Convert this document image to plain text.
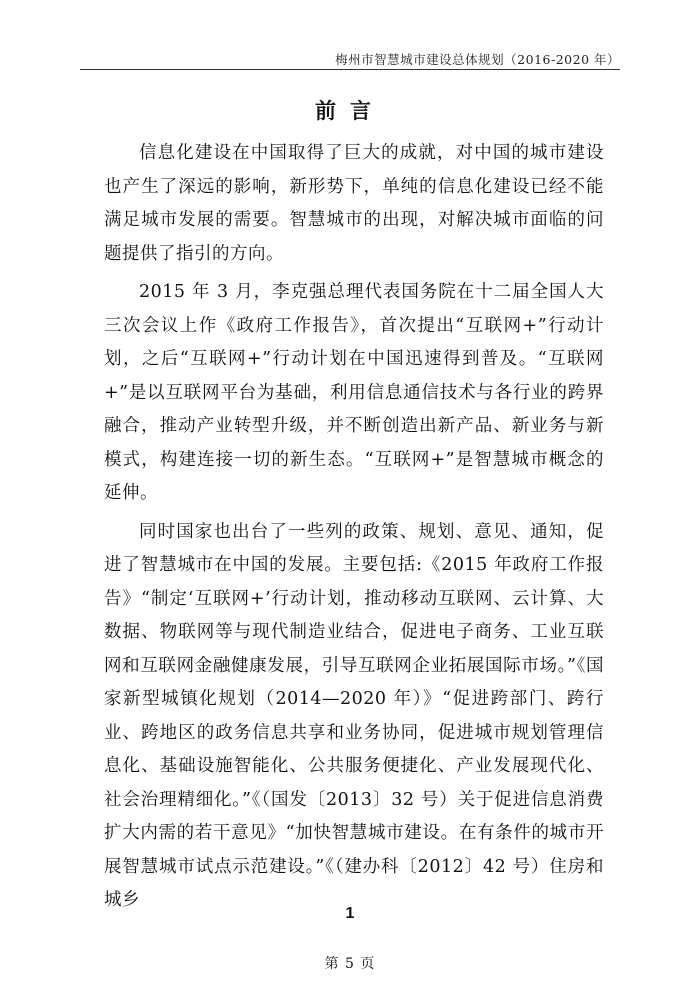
梅州市智慧城市建设总体规划（2016-2020 年）
前言

信息化建设在中国取得了巨大的成就，对中国的城市建设也产生了深远的影响，新形势下，单纯的信息化建设已经不能满足城市发展的需要。智慧城市的出现，对解决城市面临的问题提供了指引的方向。

2015 年 3 月，李克强总理代表国务院在十二届全国人大三次会议上作《政府工作报告》，首次提出“互联网+”行动计划，之后“互联网+”行动计划在中国迅速得到普及。“互联网+”是以互联网平台为基础，利用信息通信技术与各行业的跨界融合，推动产业转型升级，并不断创造出新产品、新业务与新模式，构建连接一切的新生态。“互联网+”是智慧城市概念的延伸。

同时国家也出台了一些列的政策、规划、意见、通知，促进了智慧城市在中国的发展。主要包括:《2015 年政府工作报告》“制定‘互联网+’行动计划，推动移动互联网、云计算、大数据、物联网等与现代制造业结合，促进电子商务、工业互联网和互联网金融健康发展，引导互联网企业拓展国际市场。”《国家新型城镇化规划（2014—2020 年）》“促进跨部门、跨行业、跨地区的政务信息共享和业务协同，促进城市规划管理信息化、基础设施智能化、公共服务便捷化、产业发展现代化、社会治理精细化。”《（国发〔2013〕32 号）关于促进信息消费扩大内需的若干意见》“加快智慧城市建设。在有条件的城市开展智慧城市试点示范建设。”《（建办科〔2012〕42 号）住房和城乡

1
第 5 页
